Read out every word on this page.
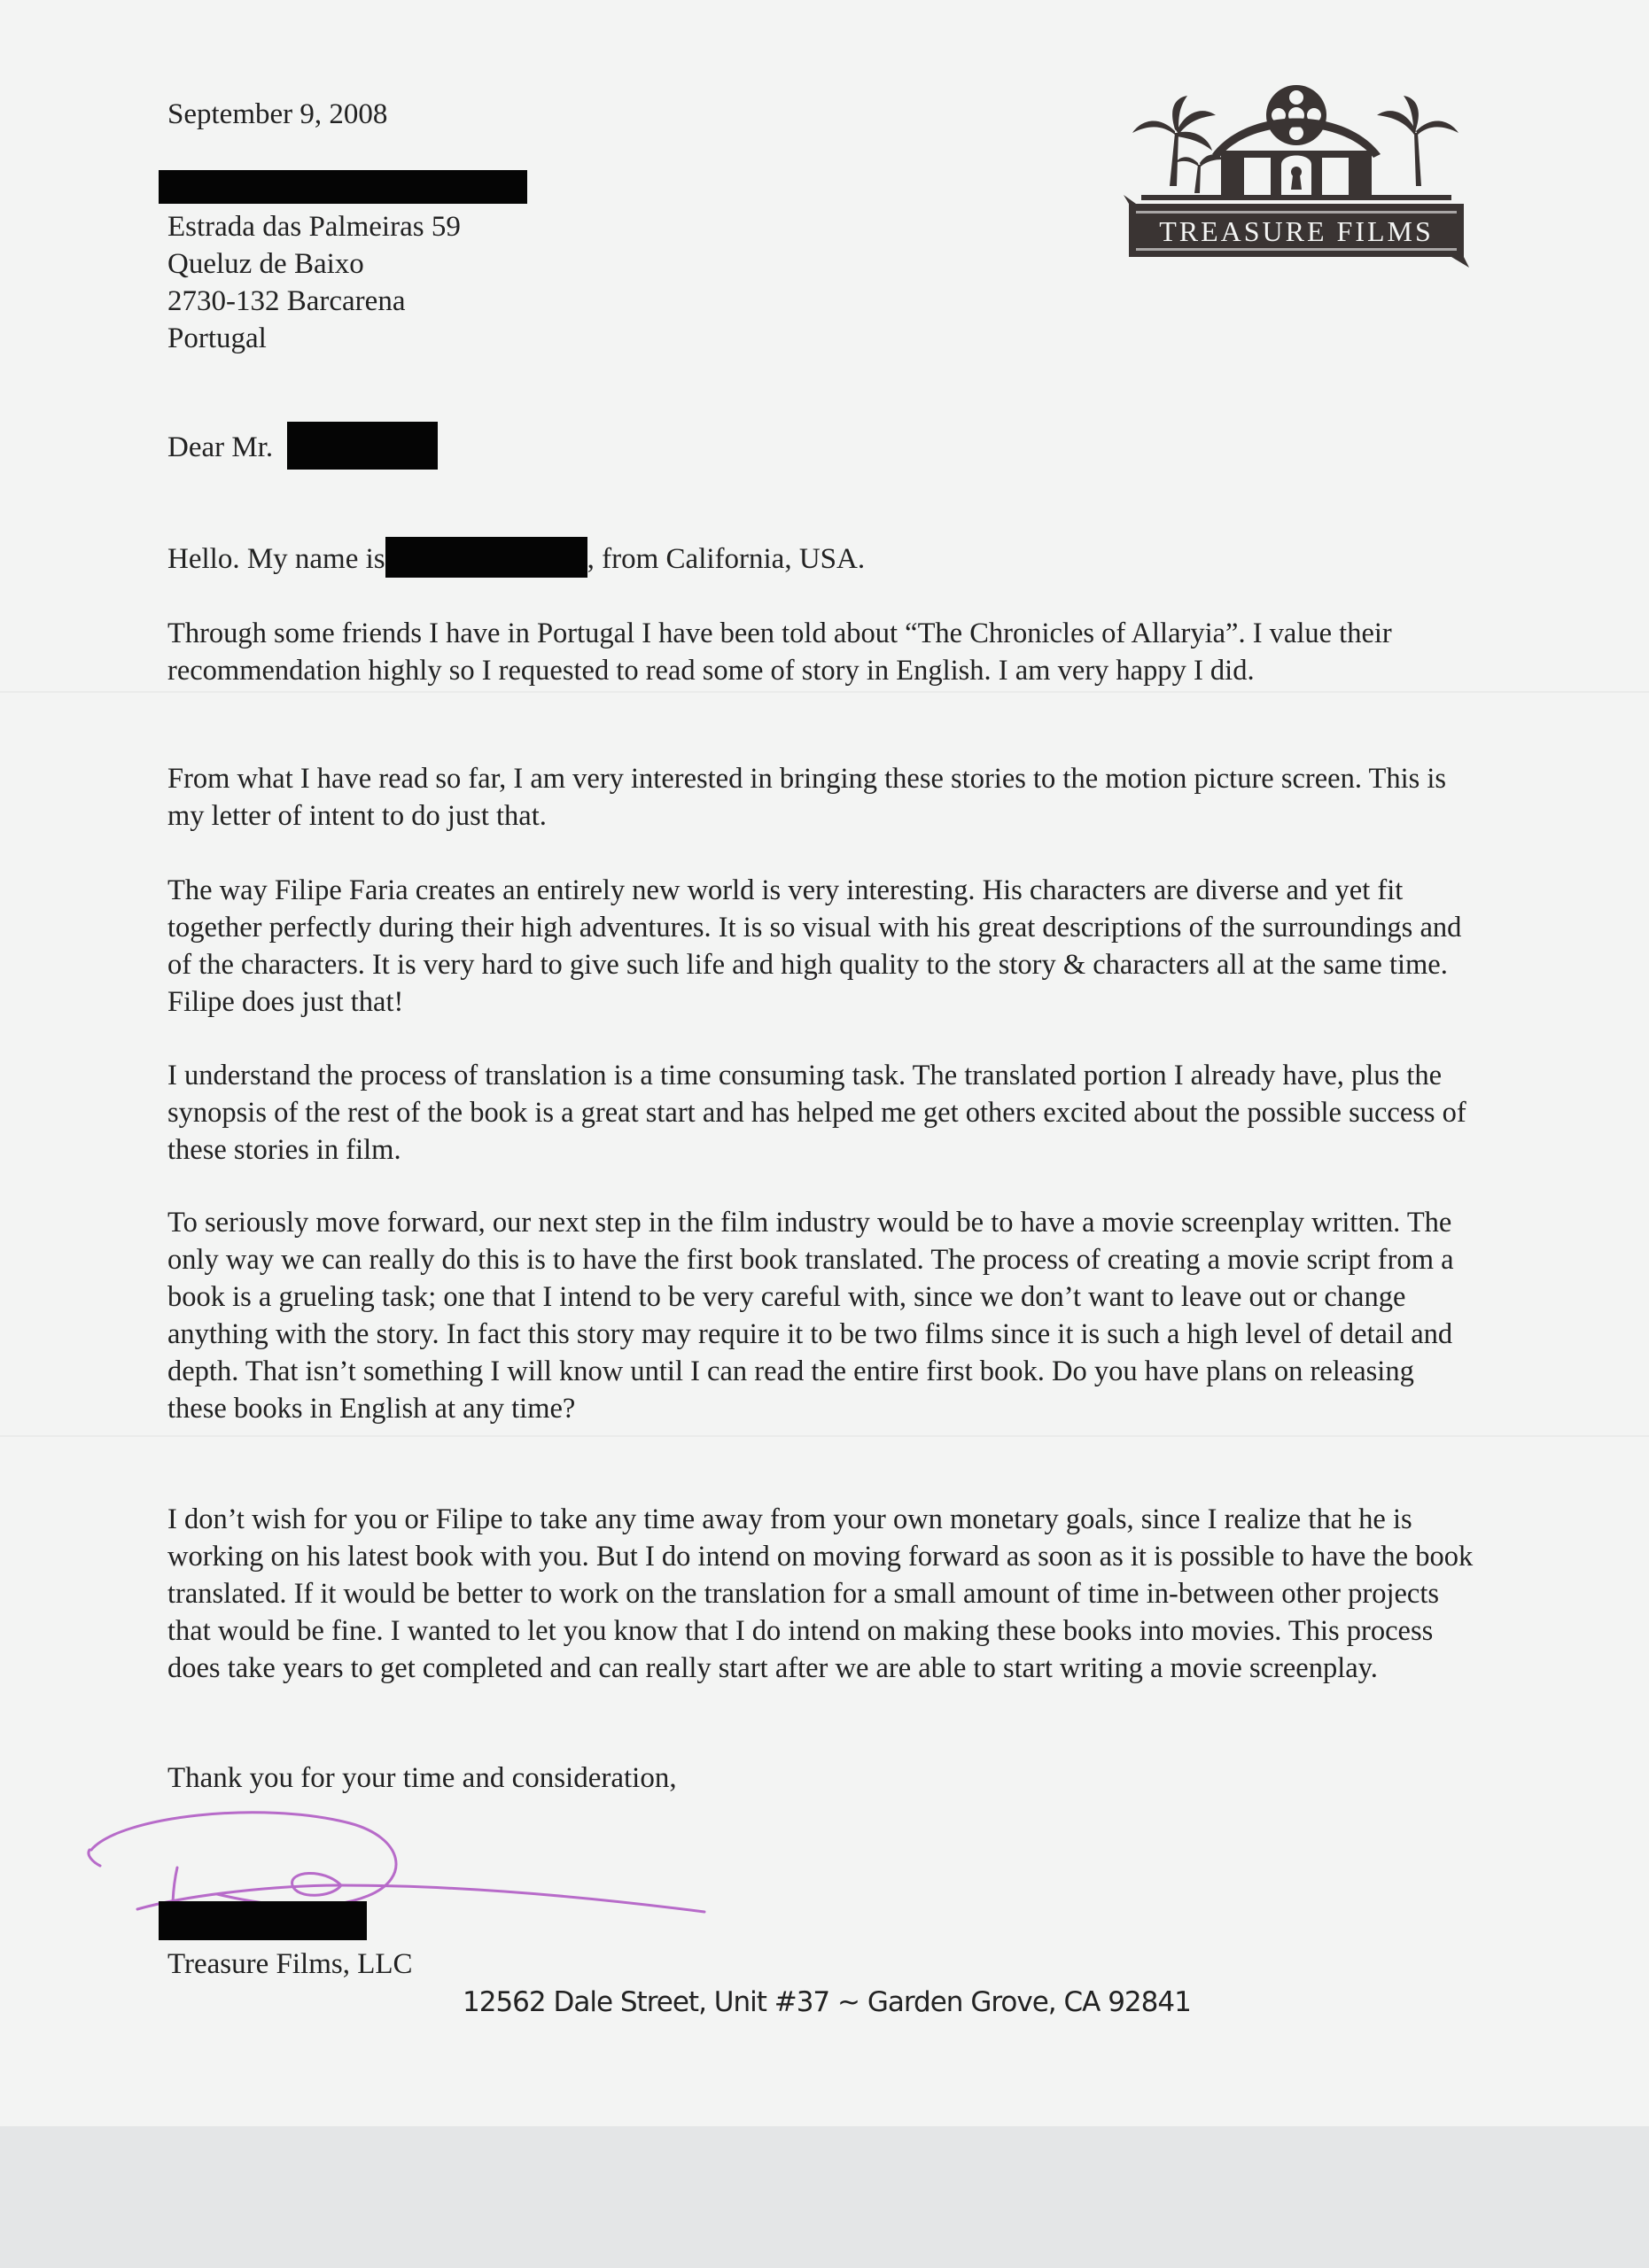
September 9, 2008
Estrada das Palmeiras 59
Queluz de Baixo
2730-132 Barcarena
Portugal
Dear Mr.
Hello. My name is	, from California, USA.

Through some friends I have in Portugal I have been told about “The Chronicles of Allaryia”. I value their recommendation highly so I requested to read some of story in English. I am very happy I did.

From what I have read so far, I am very interested in bringing these stories to the motion picture screen. This is my letter of intent to do just that.

The way Filipe Faria creates an entirely new world is very interesting. His characters are diverse and yet fit together perfectly during their high adventures. It is so visual with his great descriptions of the surroundings and of the characters. It is very hard to give such life and high quality to the story & characters all at the same time. Filipe does just that!

I understand the process of translation is a time consuming task. The translated portion I already have, plus the synopsis of the rest of the book is a great start and has helped me get others excited about the possible success of these stories in film.

To seriously move forward, our next step in the film industry would be to have a movie screenplay written. The only way we can really do this is to have the first book translated. The process of creating a movie script from a book is a grueling task; one that I intend to be very careful with, since we don’t want to leave out or change anything with the story. In fact this story may require it to be two films since it is such a high level of detail and depth. That isn’t something I will know until I can read the entire first book. Do you have plans on releasing these books in English at any time?

I don’t wish for you or Filipe to take any time away from your own monetary goals, since I realize that he is working on his latest book with you. But I do intend on moving forward as soon as it is possible to have the book translated. If it would be better to work on the translation for a small amount of time in-between other projects that would be fine. I wanted to let you know that I do intend on making these books into movies. This process does take years to get completed and can really start after we are able to start writing a movie screenplay.

Thank you for your time and consideration,
Treasure Films, LLC
12562 Dale Street, Unit #37 ~ Garden Grove, CA 92841
TREASURE FILMS
